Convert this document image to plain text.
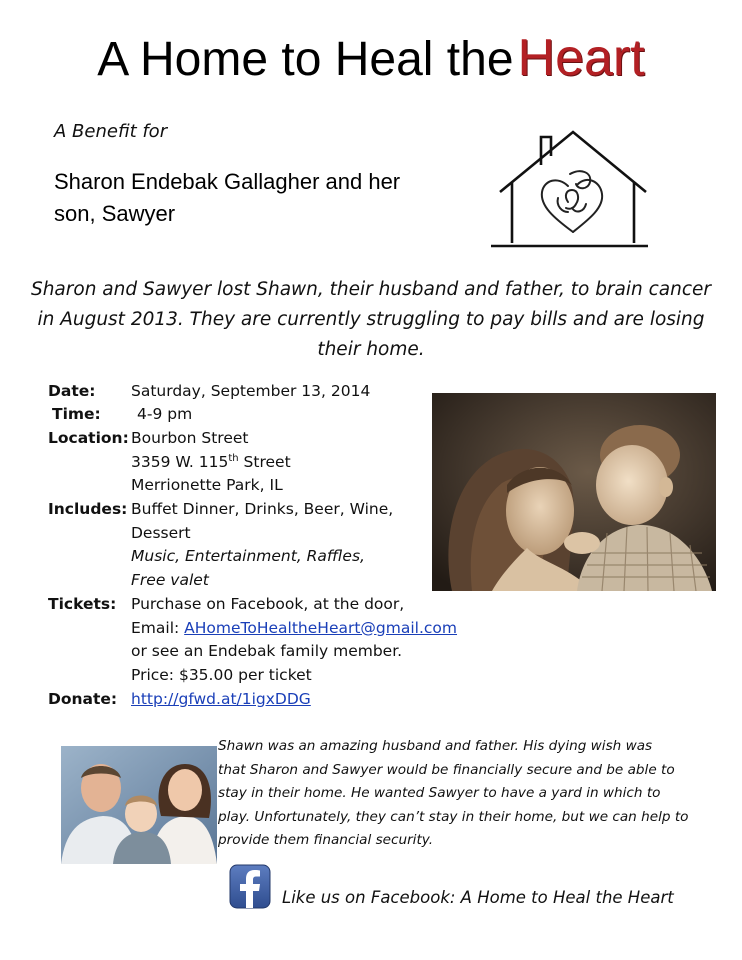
A Home to Heal theHeart
A Benefit for
Sharon Endebak Gallagher and her
son, Sawyer
Sharon and Sawyer lost Shawn, their husband and father, to brain cancer
in August 2013. They are currently struggling to pay bills and are losing
their home.
Date: Saturday, September 13, 2014
Time: 4-9 pm
Location: Bourbon Street
3359 W. 115th Street
Merrionette Park, IL
Includes: Buffet Dinner, Drinks, Beer, Wine,
Dessert
Music, Entertainment, Raffles,
Free valet
Tickets: Purchase on Facebook, at the door,
Email: AHomeToHealtheHeart@gmail.com
or see an Endebak family member.
Price: $35.00 per ticket
Donate: http://gfwd.at/1igxDDG
Shawn was an amazing husband and father. His dying wish was
that Sharon and Sawyer would be financially secure and be able to
stay in their home. He wanted Sawyer to have a yard in which to
play. Unfortunately, they can’t stay in their home, but we can help to
provide them financial security.
Like us on Facebook: A Home to Heal the Heart
